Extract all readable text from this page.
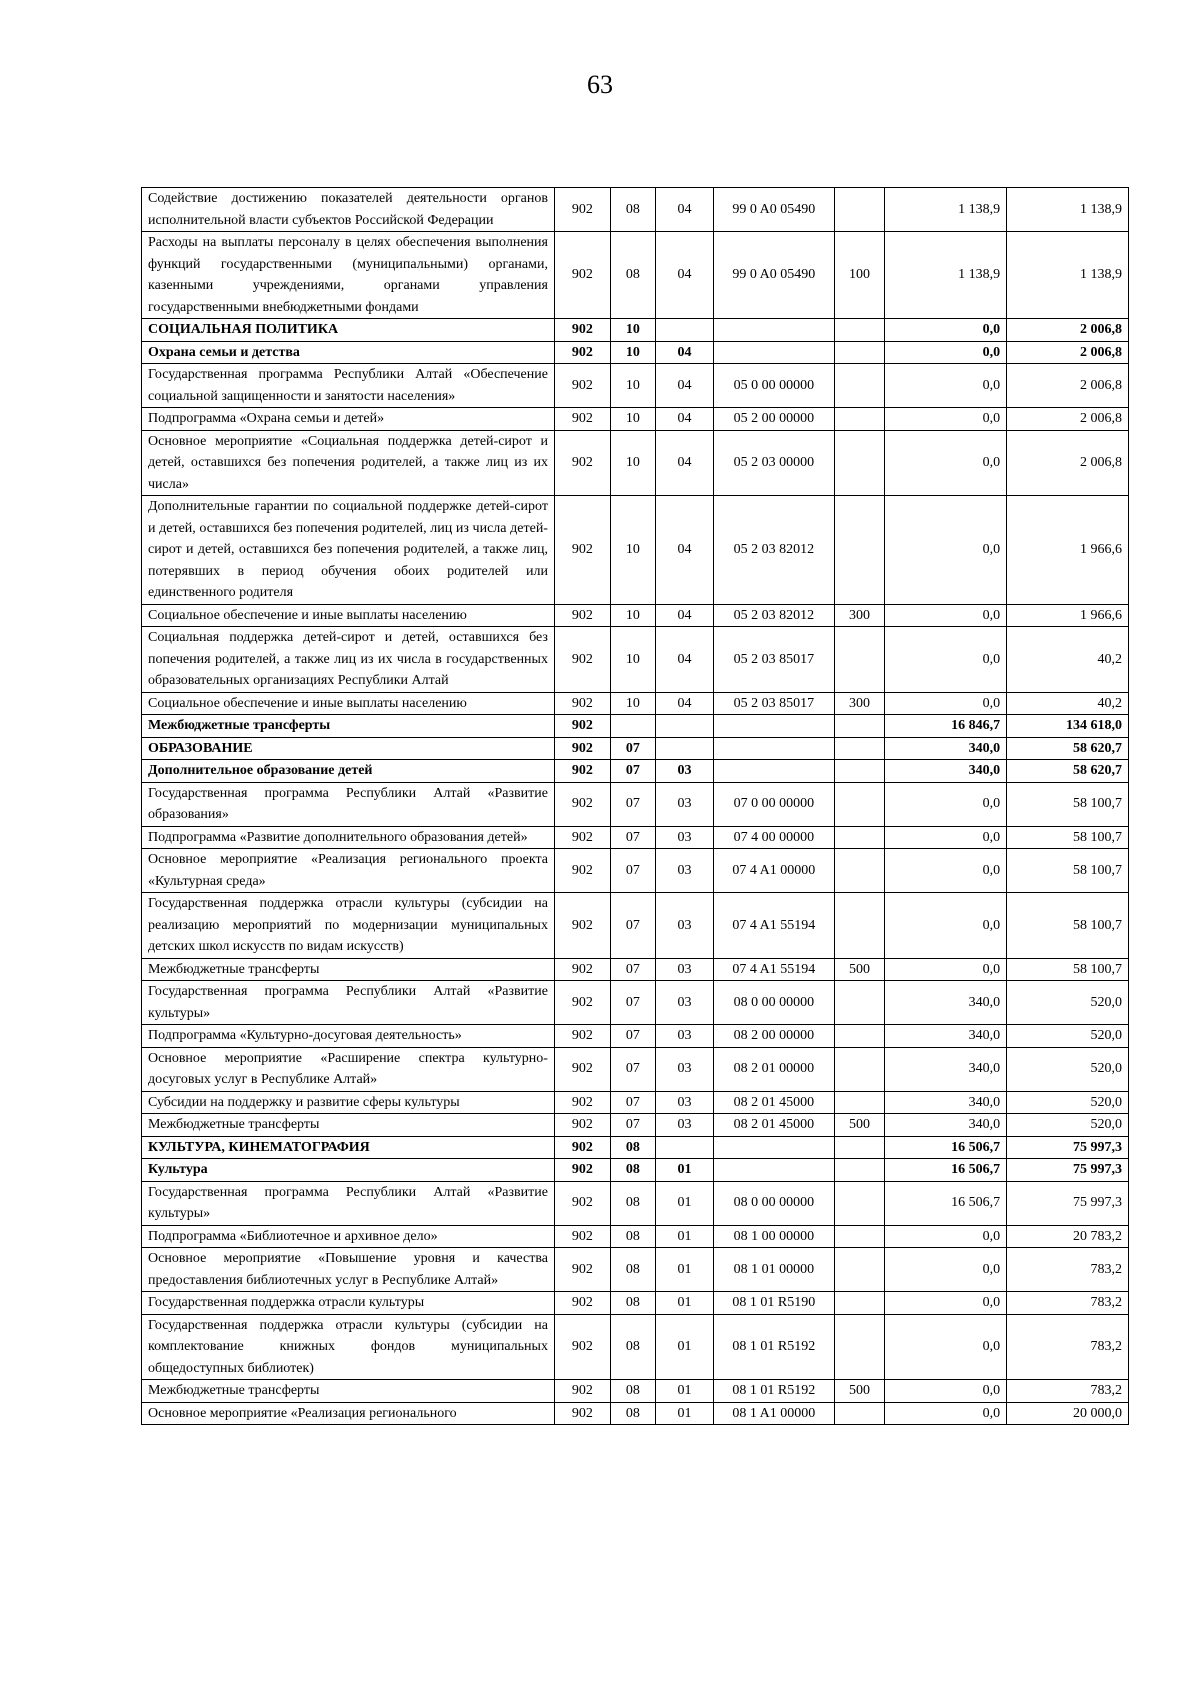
63
Содействие достижению показателей деятельности органов исполнительной власти субъектов Российской Федерации	902	08	04	99 0 A0 05490		1 138,9	1 138,9
Расходы на выплаты персоналу в целях обеспечения выполнения функций государственными (муниципальными) органами, казенными учреждениями, органами управления государственными внебюджетными фондами	902	08	04	99 0 A0 05490	100	1 138,9	1 138,9
СОЦИАЛЬНАЯ ПОЛИТИКА	902	10				0,0	2 006,8
Охрана семьи и детства	902	10	04			0,0	2 006,8
Государственная программа Республики Алтай «Обеспечение социальной защищенности и занятости населения»	902	10	04	05 0 00 00000		0,0	2 006,8
Подпрограмма «Охрана семьи и детей»	902	10	04	05 2 00 00000		0,0	2 006,8
Основное мероприятие «Социальная поддержка детей-сирот и детей, оставшихся без попечения родителей, а также лиц из их числа»	902	10	04	05 2 03 00000		0,0	2 006,8
Дополнительные гарантии по социальной поддержке детей-сирот и детей, оставшихся без попечения родителей, лиц из числа детей-сирот и детей, оставшихся без попечения родителей, а также лиц, потерявших в период обучения обоих родителей или единственного родителя	902	10	04	05 2 03 82012		0,0	1 966,6
Социальное обеспечение и иные выплаты населению	902	10	04	05 2 03 82012	300	0,0	1 966,6
Социальная поддержка детей-сирот и детей, оставшихся без попечения родителей, а также лиц из их числа в государственных образовательных организациях Республики Алтай	902	10	04	05 2 03 85017		0,0	40,2
Социальное обеспечение и иные выплаты населению	902	10	04	05 2 03 85017	300	0,0	40,2
Межбюджетные трансферты	902					16 846,7	134 618,0
ОБРАЗОВАНИЕ	902	07				340,0	58 620,7
Дополнительное образование детей	902	07	03			340,0	58 620,7
Государственная программа Республики Алтай «Развитие образования»	902	07	03	07 0 00 00000		0,0	58 100,7
Подпрограмма «Развитие дополнительного образования детей»	902	07	03	07 4 00 00000		0,0	58 100,7
Основное мероприятие «Реализация регионального проекта «Культурная среда»	902	07	03	07 4 A1 00000		0,0	58 100,7
Государственная поддержка отрасли культуры (субсидии на реализацию мероприятий по модернизации муниципальных детских школ искусств по видам искусств)	902	07	03	07 4 A1 55194		0,0	58 100,7
Межбюджетные трансферты	902	07	03	07 4 A1 55194	500	0,0	58 100,7
Государственная программа Республики Алтай «Развитие культуры»	902	07	03	08 0 00 00000		340,0	520,0
Подпрограмма «Культурно-досуговая деятельность»	902	07	03	08 2 00 00000		340,0	520,0
Основное мероприятие «Расширение спектра культурно-досуговых услуг в Республике Алтай»	902	07	03	08 2 01 00000		340,0	520,0
Субсидии на поддержку и развитие сферы культуры	902	07	03	08 2 01 45000		340,0	520,0
Межбюджетные трансферты	902	07	03	08 2 01 45000	500	340,0	520,0
КУЛЬТУРА, КИНЕМАТОГРАФИЯ	902	08				16 506,7	75 997,3
Культура	902	08	01			16 506,7	75 997,3
Государственная программа Республики Алтай «Развитие культуры»	902	08	01	08 0 00 00000		16 506,7	75 997,3
Подпрограмма «Библиотечное и архивное дело»	902	08	01	08 1 00 00000		0,0	20 783,2
Основное мероприятие «Повышение уровня и качества предоставления библиотечных услуг в Республике Алтай»	902	08	01	08 1 01 00000		0,0	783,2
Государственная поддержка отрасли культуры	902	08	01	08 1 01 R5190		0,0	783,2
Государственная поддержка отрасли культуры (субсидии на комплектование книжных фондов муниципальных общедоступных библиотек)	902	08	01	08 1 01 R5192		0,0	783,2
Межбюджетные трансферты	902	08	01	08 1 01 R5192	500	0,0	783,2
Основное мероприятие «Реализация регионального	902	08	01	08 1 A1 00000		0,0	20 000,0
